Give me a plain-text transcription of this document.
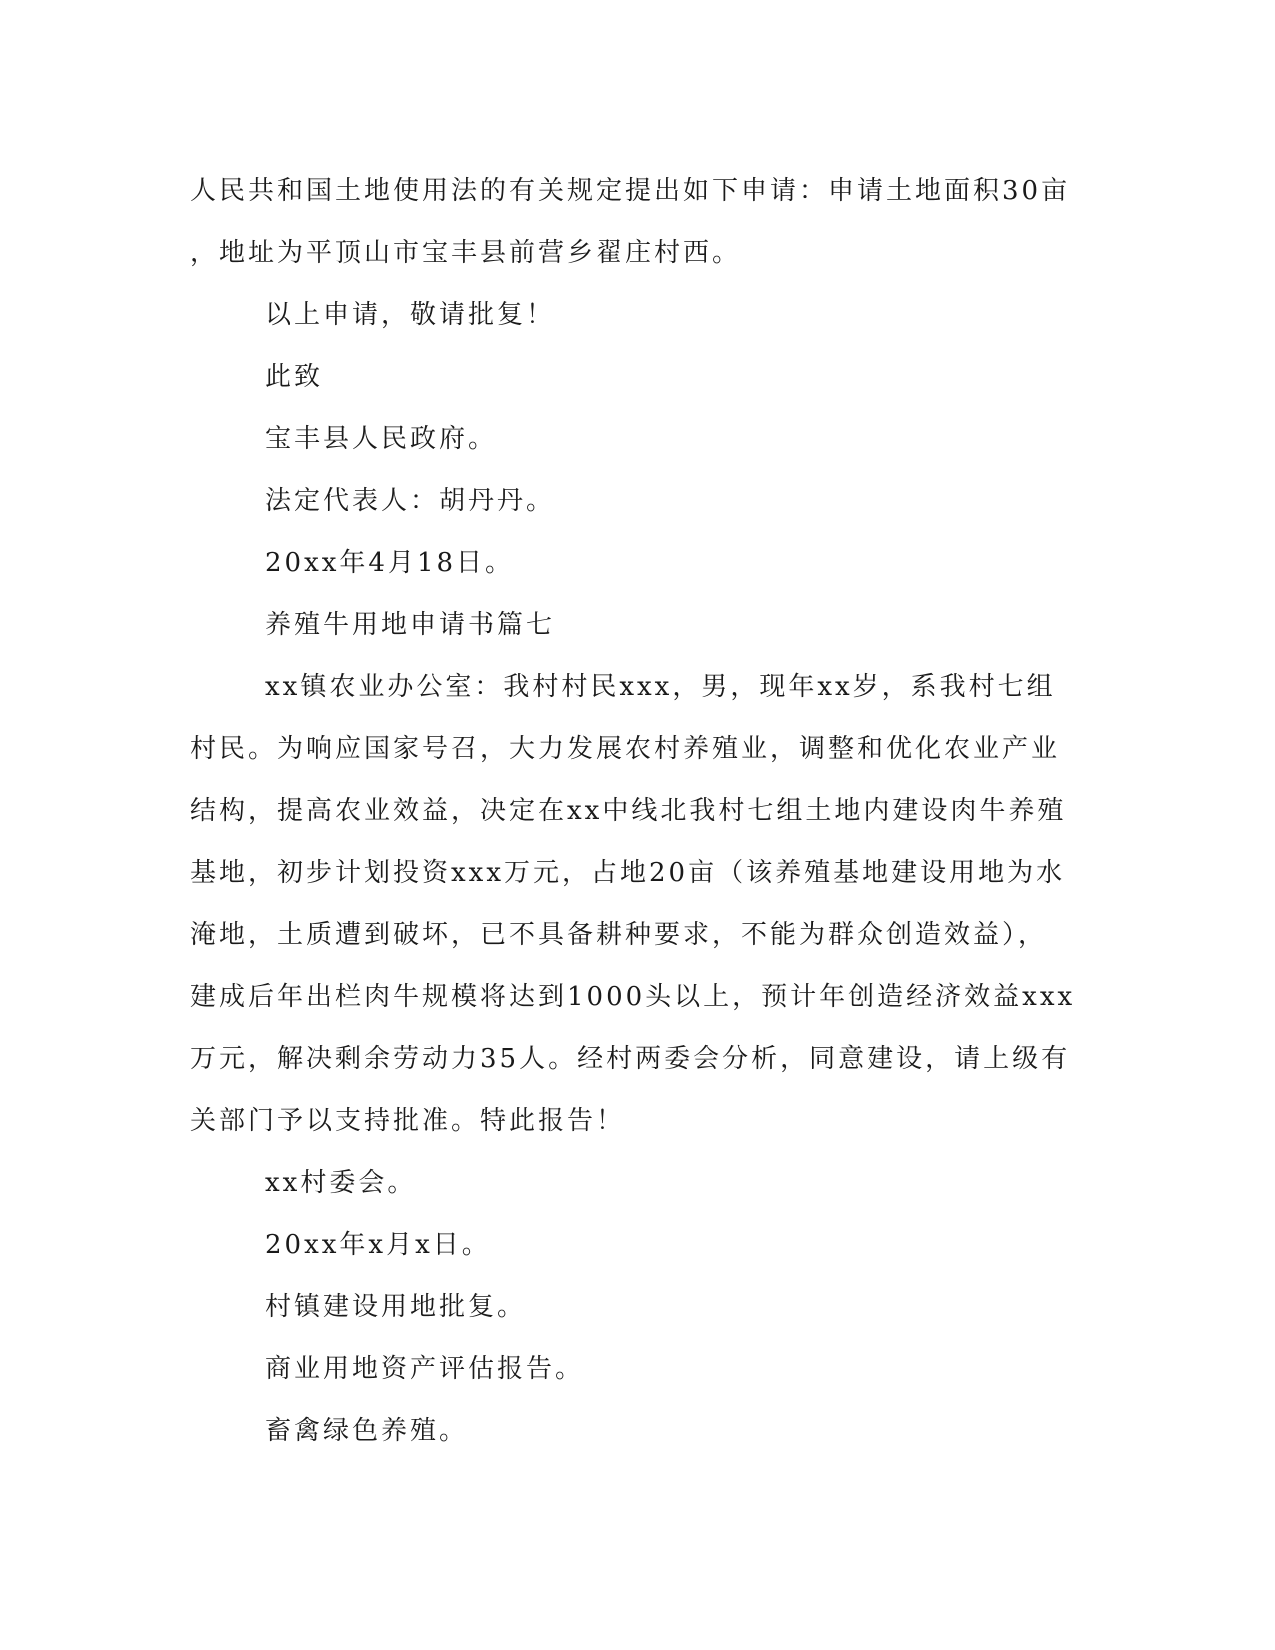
人民共和国土地使用法的有关规定提出如下申请：申请土地面积30亩
，地址为平顶山市宝丰县前营乡翟庄村西。
以上申请，敬请批复！
此致
宝丰县人民政府。
法定代表人：胡丹丹。
20xx年4月18日。
养殖牛用地申请书篇七
xx镇农业办公室：我村村民xxx，男，现年xx岁，系我村七组
村民。为响应国家号召，大力发展农村养殖业，调整和优化农业产业
结构，提高农业效益，决定在xx中线北我村七组土地内建设肉牛养殖
基地，初步计划投资xxx万元，占地20亩（该养殖基地建设用地为水
淹地，土质遭到破坏，已不具备耕种要求，不能为群众创造效益），
建成后年出栏肉牛规模将达到1000头以上，预计年创造经济效益xxx
万元，解决剩余劳动力35人。经村两委会分析，同意建设，请上级有
关部门予以支持批准。特此报告！
xx村委会。
20xx年x月x日。
村镇建设用地批复。
商业用地资产评估报告。
畜禽绿色养殖。
